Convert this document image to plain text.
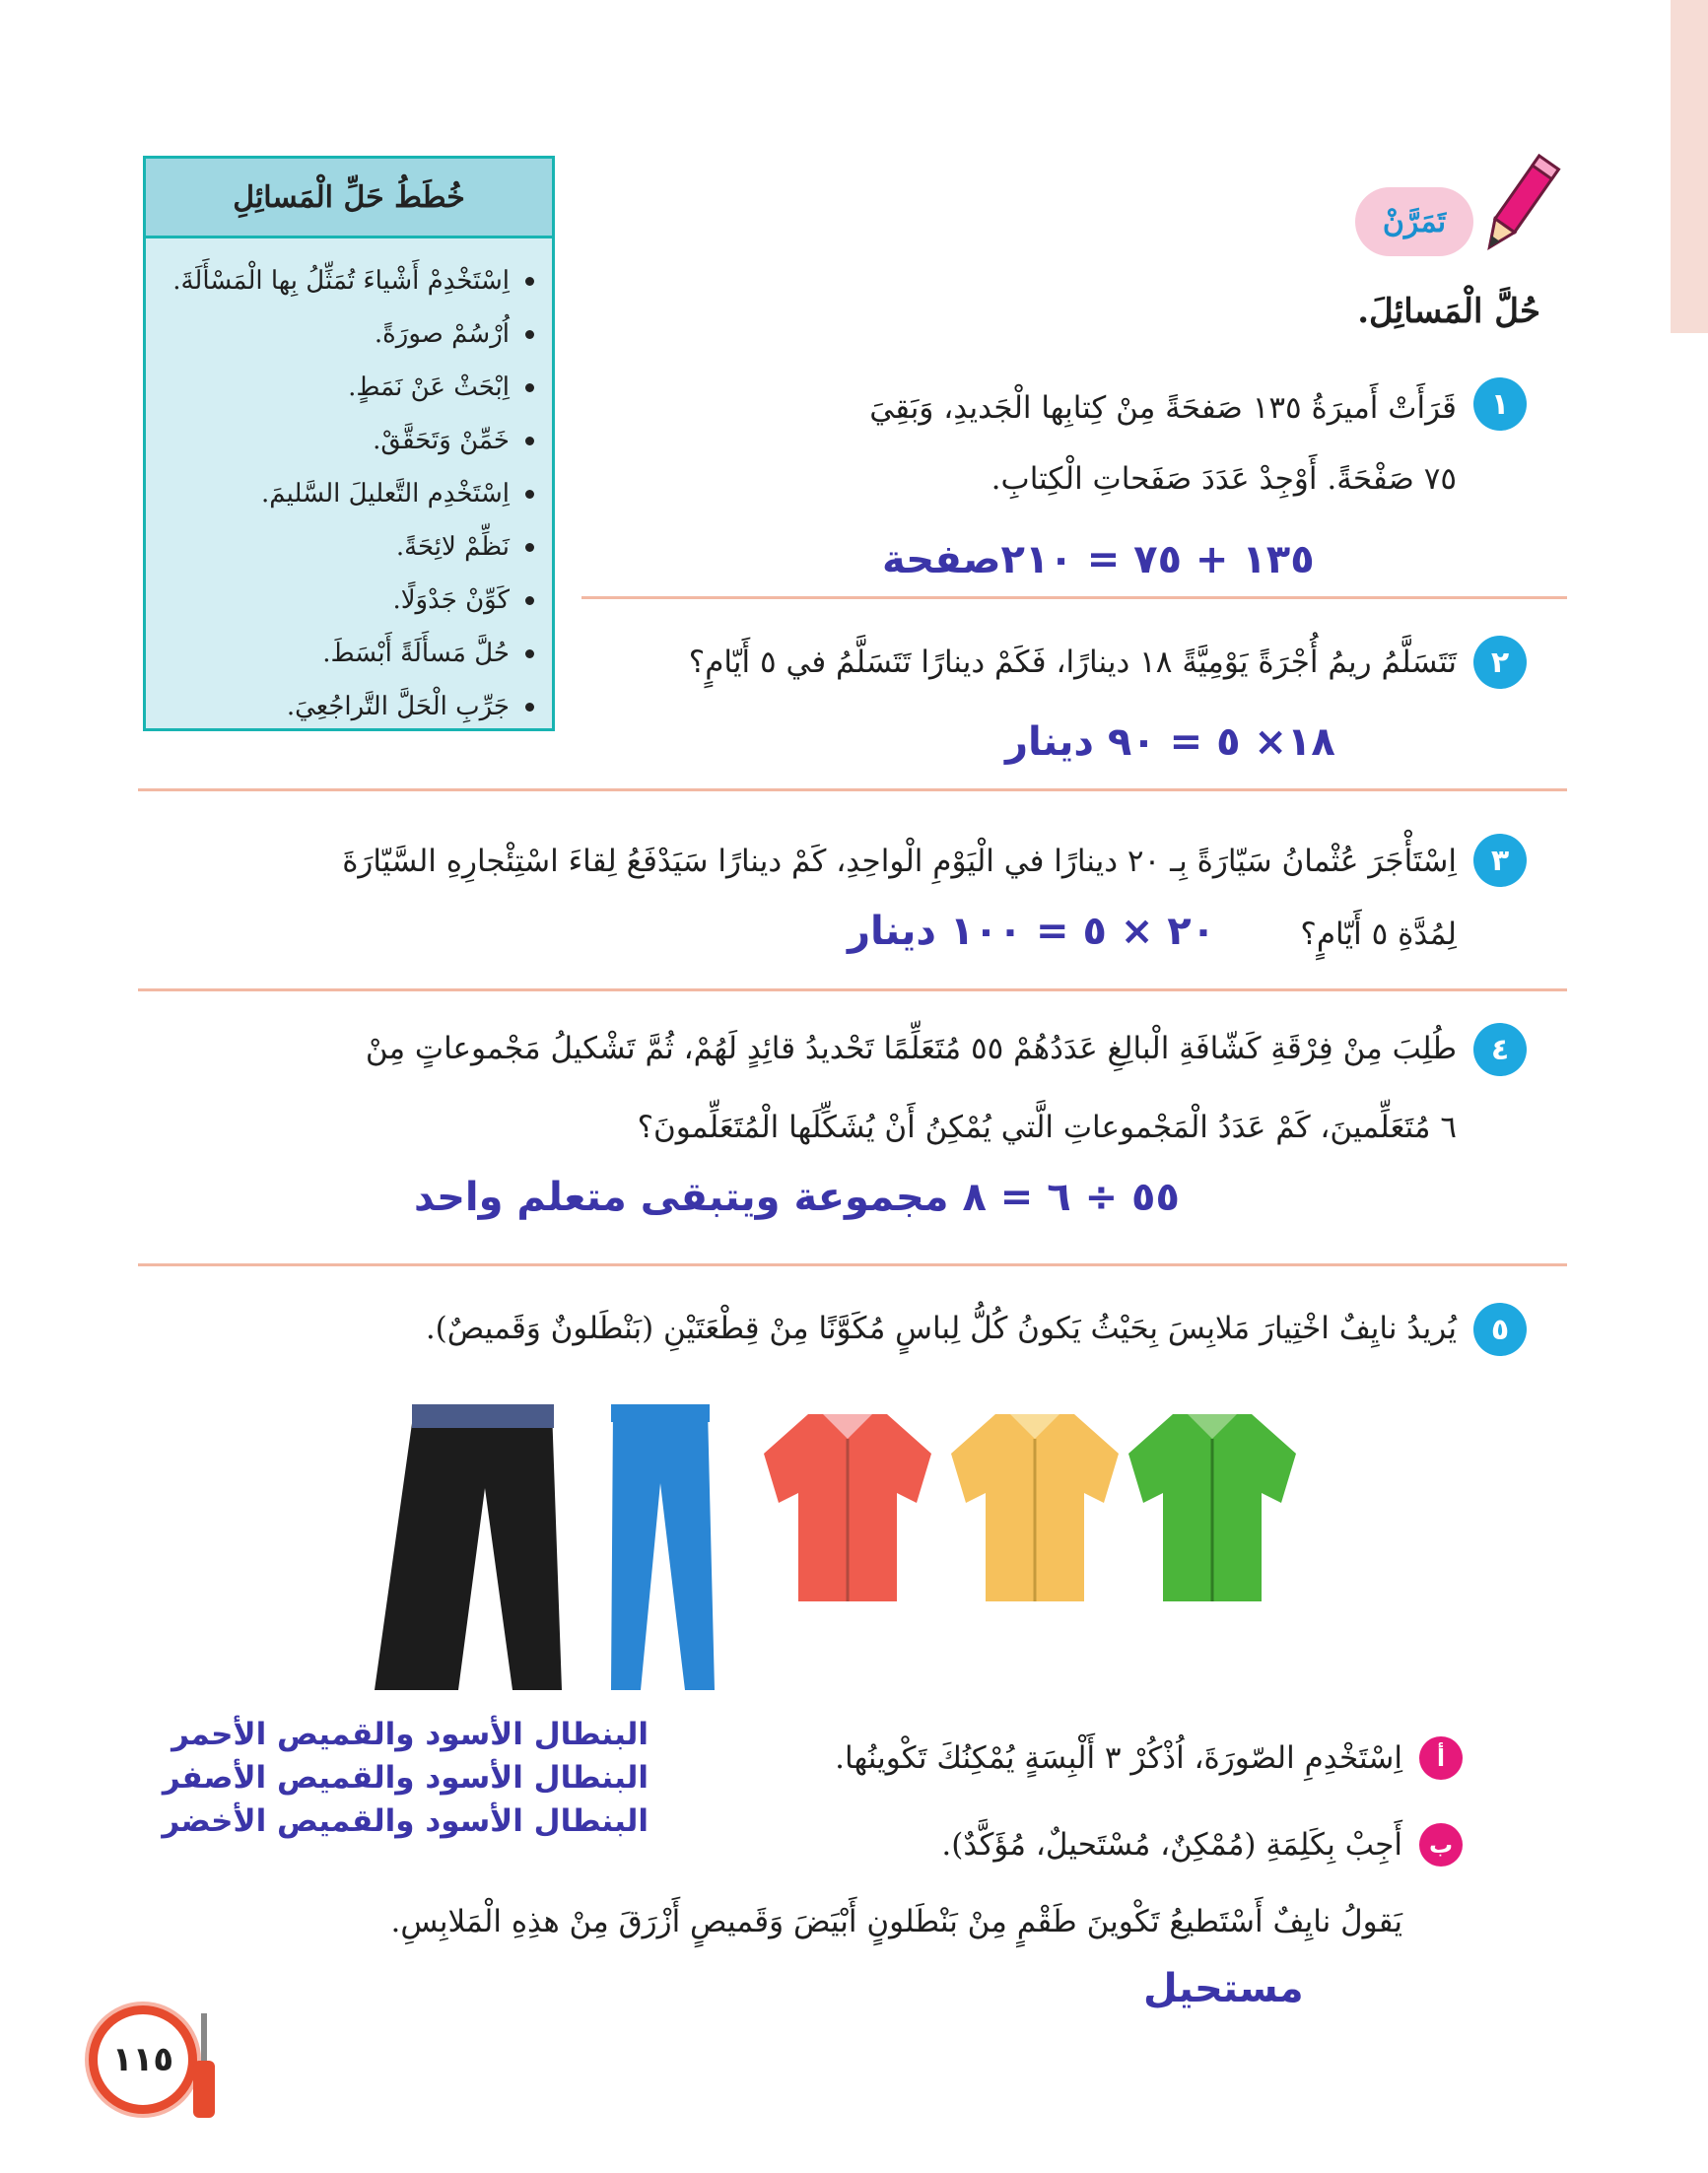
خُطَطُ حَلِّ الْمَسائِلِ
اِسْتَخْدِمْ أَشْياءَ تُمَثِّلُ بِها الْمَسْأَلَةَ.
اُرْسُمْ صورَةً.
اِبْحَثْ عَنْ نَمَطٍ.
خَمِّنْ وَتَحَقَّقْ.
اِسْتَخْدِم التَّعليلَ السَّليمَ.
نَظِّمْ لائِحَةً.
كَوِّنْ جَدْوَلًا.
حُلَّ مَسأَلَةً أَبْسَطَ.
جَرِّبِ الْحَلَّ التَّراجُعِيَ.
تَمَرَّنْ
حُلَّ الْمَسائِلَ.
١
قَرَأَتْ أَميرَةُ ١٣٥ صَفحَةً مِنْ كِتابِها الْجَديدِ، وَبَقِيَ
٧٥ صَفْحَةً. أَوْجِدْ عَدَدَ صَفَحاتِ الْكِتابِ.
١٣٥ + ٧٥ = ٢١٠صفحة
٢
تَتَسَلَّمُ ريمُ أُجْرَةً يَوْمِيَّةً ١٨ دينارًا، فَكَمْ دينارًا تَتَسَلَّمُ في ٥ أَيّامٍ؟
١٨× ٥ = ٩٠ دينار
٣
اِسْتَأْجَرَ عُثْمانُ سَيّارَةً بِـ ٢٠ دينارًا في الْيَوْمِ الْواحِدِ، كَمْ دينارًا سَيَدْفَعُ لِقاءَ اسْتِئْجارِهِ السَّيّارَةَ
لِمُدَّةِ ٥ أَيّامٍ؟
٢٠ × ٥ = ١٠٠ دينار
٤
طُلِبَ مِنْ فِرْقَةِ كَشّافَةِ الْبالِغِ عَدَدُهُمْ ٥٥ مُتَعَلِّمًا تَحْديدُ قائِدٍ لَهُمْ، ثُمَّ تَشْكيلُ مَجْموعاتٍ مِنْ
٦ مُتَعَلِّمينَ، كَمْ عَدَدُ الْمَجْموعاتِ الَّتي يُمْكِنُ أَنْ يُشَكِّلَها الْمُتَعَلِّمونَ؟
٥٥ ÷ ٦ = ٨ مجموعة ويتبقى متعلم واحد
٥
يُريدُ نايِفٌ اخْتِيارَ مَلابِسَ بِحَيْثُ يَكونُ كُلُّ لِباسٍ مُكَوَّنًا مِنْ قِطْعَتَيْنِ (بَنْطَلونٌ وَقَميصٌ).
أ
اِسْتَخْدِمِ الصّورَةَ، اُذْكُرْ ٣ أَلْبِسَةٍ يُمْكِنُكَ تَكْوينُها.
البنطال الأسود والقميص الأحمر
البنطال الأسود والقميص الأصفر
البنطال الأسود والقميص الأخضر
ب
أَجِبْ بِكَلِمَةِ (مُمْكِنٌ، مُسْتَحيلٌ، مُؤَكَّدٌ).
يَقولُ نايِفٌ أَسْتَطيعُ تَكْوينَ طَقْمٍ مِنْ بَنْطَلونٍ أَبْيَضَ وَقَميصٍ أَزْرَقَ مِنْ هذِهِ الْمَلابِسِ.
مستحيل
١١٥
